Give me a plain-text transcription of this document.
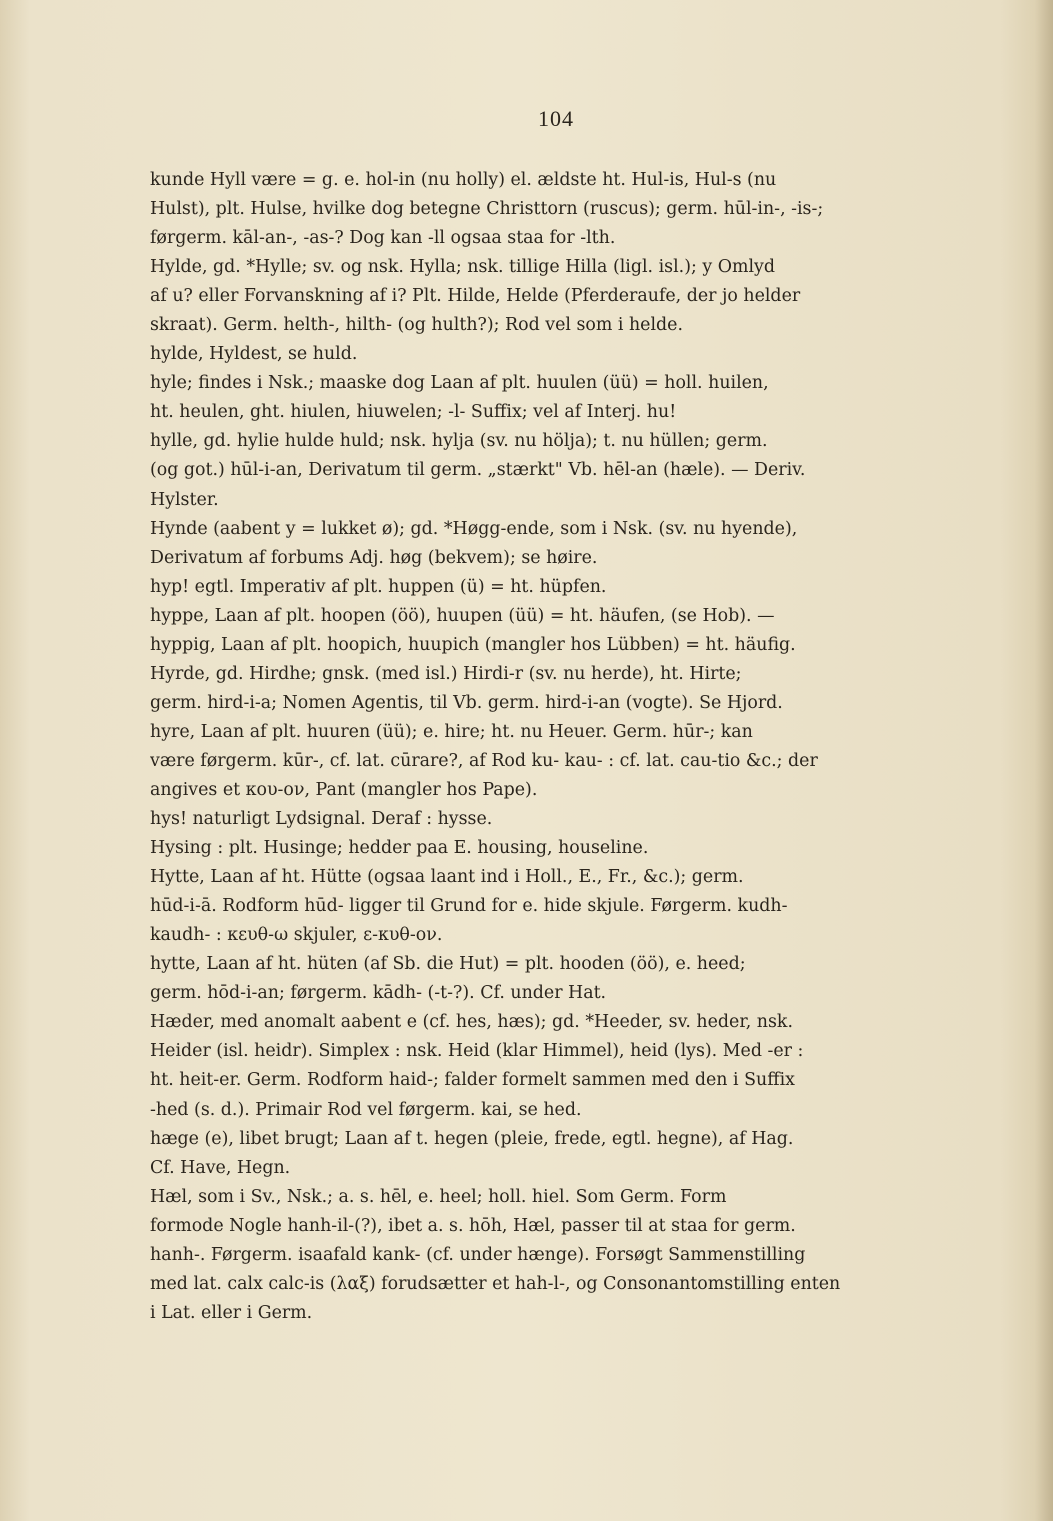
104
kunde Hyll være = g. e. hol-in (nu holly) el. ældste ht. Hul-is, Hul-s (nu
Hulst), plt. Hulse, hvilke dog betegne Christtorn (ruscus); germ. hūl-in-, -is-;
førgerm. kāl-an-, -as-? Dog kan -ll ogsaa staa for -lth.
Hylde, gd. *Hylle; sv. og nsk. Hylla; nsk. tillige Hilla (ligl. isl.); y Omlyd
af u? eller Forvanskning af i? Plt. Hilde, Helde (Pferderaufe, der jo helder
skraat). Germ. helth-, hilth- (og hulth?); Rod vel som i helde.
hylde, Hyldest, se huld.
hyle; findes i Nsk.; maaske dog Laan af plt. huulen (üü) = holl. huilen,
ht. heulen, ght. hiulen, hiuwelen; -l- Suffix; vel af Interj. hu!
hylle, gd. hylie hulde huld; nsk. hylja (sv. nu hölja); t. nu hüllen; germ.
(og got.) hūl-i-an, Derivatum til germ. „stærkt" Vb. hēl-an (hæle). — Deriv.
Hylster.
Hynde (aabent y = lukket ø); gd. *Høgg-ende, som i Nsk. (sv. nu hyende),
Derivatum af forbums Adj. høg (bekvem); se høire.
hyp! egtl. Imperativ af plt. huppen (ü) = ht. hüpfen.
hyppe, Laan af plt. hoopen (öö), huupen (üü) = ht. häufen, (se Hob). —
hyppig, Laan af plt. hoopich, huupich (mangler hos Lübben) = ht. häufig.
Hyrde, gd. Hirdhe; gnsk. (med isl.) Hirdi-r (sv. nu herde), ht. Hirte;
germ. hird-i-a; Nomen Agentis, til Vb. germ. hird-i-an (vogte). Se Hjord.
hyre, Laan af plt. huuren (üü); e. hire; ht. nu Heuer. Germ. hūr-; kan
være førgerm. kūr-, cf. lat. cūrare?, af Rod ku- kau- : cf. lat. cau-tio &c.; der
angives et κου-ον, Pant (mangler hos Pape).
hys! naturligt Lydsignal. Deraf : hysse.
Hysing : plt. Husinge; hedder paa E. housing, houseline.
Hytte, Laan af ht. Hütte (ogsaa laant ind i Holl., E., Fr., &c.); germ.
hūd-i-ā. Rodform hūd- ligger til Grund for e. hide skjule. Førgerm. kudh-
kaudh- : κευθ-ω skjuler, ε-κυθ-ον.
hytte, Laan af ht. hüten (af Sb. die Hut) = plt. hooden (öö), e. heed;
germ. hōd-i-an; førgerm. kādh- (-t-?). Cf. under Hat.
Hæder, med anomalt aabent e (cf. hes, hæs); gd. *Heeder, sv. heder, nsk.
Heider (isl. heidr). Simplex : nsk. Heid (klar Himmel), heid (lys). Med -er :
ht. heit-er. Germ. Rodform haid-; falder formelt sammen med den i Suffix
-hed (s. d.). Primair Rod vel førgerm. kai, se hed.
hæge (e), libet brugt; Laan af t. hegen (pleie, frede, egtl. hegne), af Hag.
Cf. Have, Hegn.
Hæl, som i Sv., Nsk.; a. s. hēl, e. heel; holl. hiel. Som Germ. Form
formode Nogle hanh-il-(?), ibet a. s. hōh, Hæl, passer til at staa for germ.
hanh-. Førgerm. isaafald kank- (cf. under hænge). Forsøgt Sammenstilling
med lat. calx calc-is (λαξ) forudsætter et hah-l-, og Consonantomstilling enten
i Lat. eller i Germ.
